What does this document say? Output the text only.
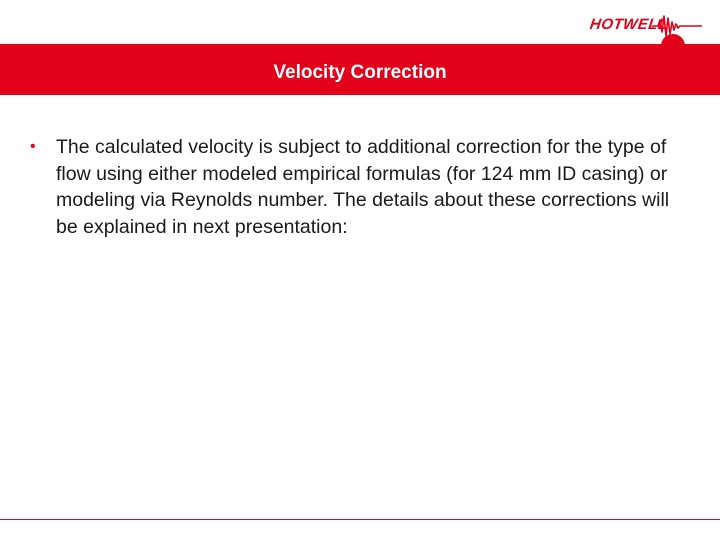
HOTWELL
Velocity Correction
•	The calculated velocity is subject to additional correction for the type of flow using either modeled empirical formulas (for 124 mm ID casing) or modeling via Reynolds number. The details about these corrections will be explained in next presentation:
